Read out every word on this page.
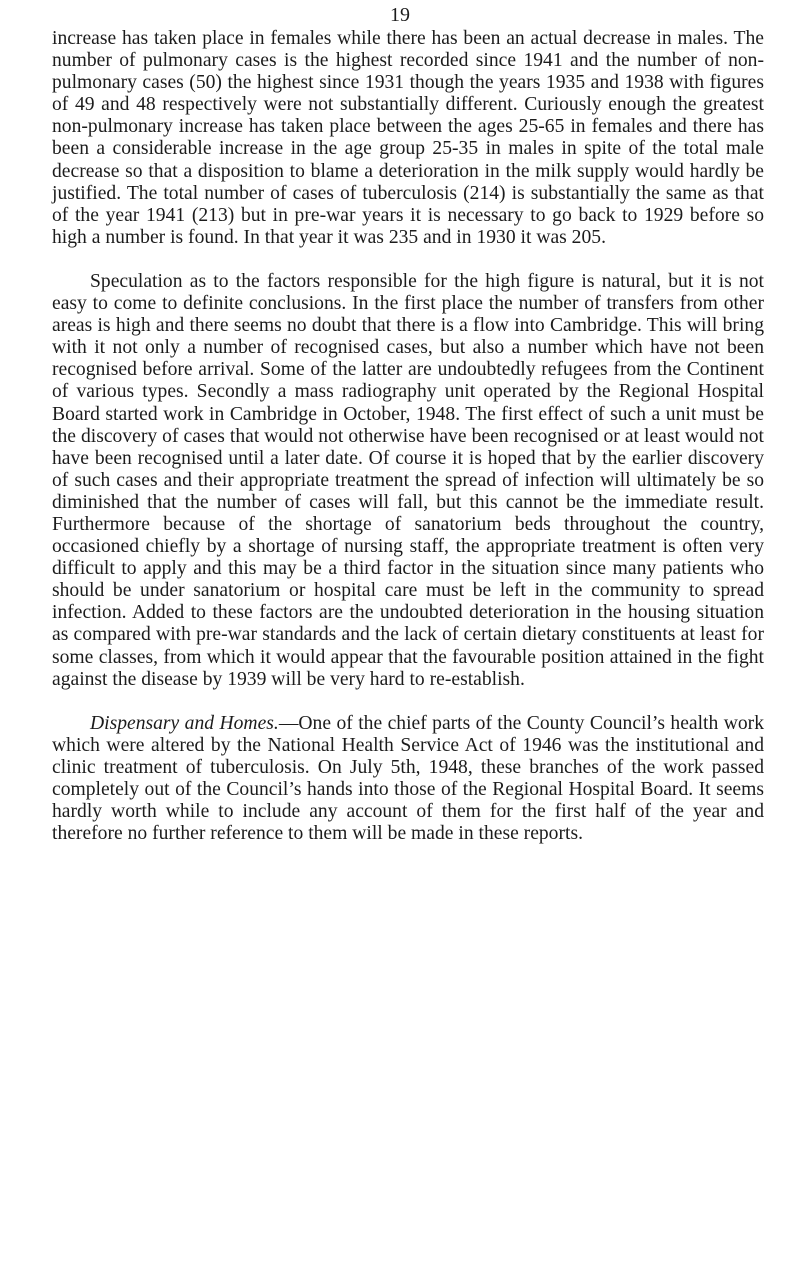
19

increase has taken place in females while there has been an actual decrease in males. The number of pulmonary cases is the highest recorded since 1941 and the number of non-pulmonary cases (50) the highest since 1931 though the years 1935 and 1938 with figures of 49 and 48 respectively were not substantially different. Curiously enough the greatest non-pulmonary increase has taken place between the ages 25-65 in females and there has been a considerable increase in the age group 25-35 in males in spite of the total male decrease so that a disposition to blame a deterioration in the milk supply would hardly be justified. The total number of cases of tuberculosis (214) is substantially the same as that of the year 1941 (213) but in pre-war years it is necessary to go back to 1929 before so high a number is found. In that year it was 235 and in 1930 it was 205.

Speculation as to the factors responsible for the high figure is natural, but it is not easy to come to definite conclusions. In the first place the number of transfers from other areas is high and there seems no doubt that there is a flow into Cambridge. This will bring with it not only a number of recognised cases, but also a number which have not been recognised before arrival. Some of the latter are undoubtedly refugees from the Continent of various types. Secondly a mass radiography unit operated by the Regional Hospital Board started work in Cambridge in October, 1948. The first effect of such a unit must be the discovery of cases that would not otherwise have been recognised or at least would not have been recognised until a later date. Of course it is hoped that by the earlier discovery of such cases and their appropriate treatment the spread of infection will ultimately be so diminished that the number of cases will fall, but this cannot be the immediate result. Furthermore because of the shortage of sanatorium beds throughout the country, occasioned chiefly by a shortage of nursing staff, the appropriate treatment is often very difficult to apply and this may be a third factor in the situation since many patients who should be under sanatorium or hospital care must be left in the community to spread infection. Added to these factors are the undoubted deterioration in the housing situation as compared with pre-war standards and the lack of certain dietary constituents at least for some classes, from which it would appear that the favourable position attained in the fight against the disease by 1939 will be very hard to re-establish.

Dispensary and Homes.—One of the chief parts of the County Council’s health work which were altered by the National Health Service Act of 1946 was the institutional and clinic treatment of tuberculosis. On July 5th, 1948, these branches of the work passed completely out of the Council’s hands into those of the Regional Hospital Board. It seems hardly worth while to include any account of them for the first half of the year and therefore no further reference to them will be made in these reports.
